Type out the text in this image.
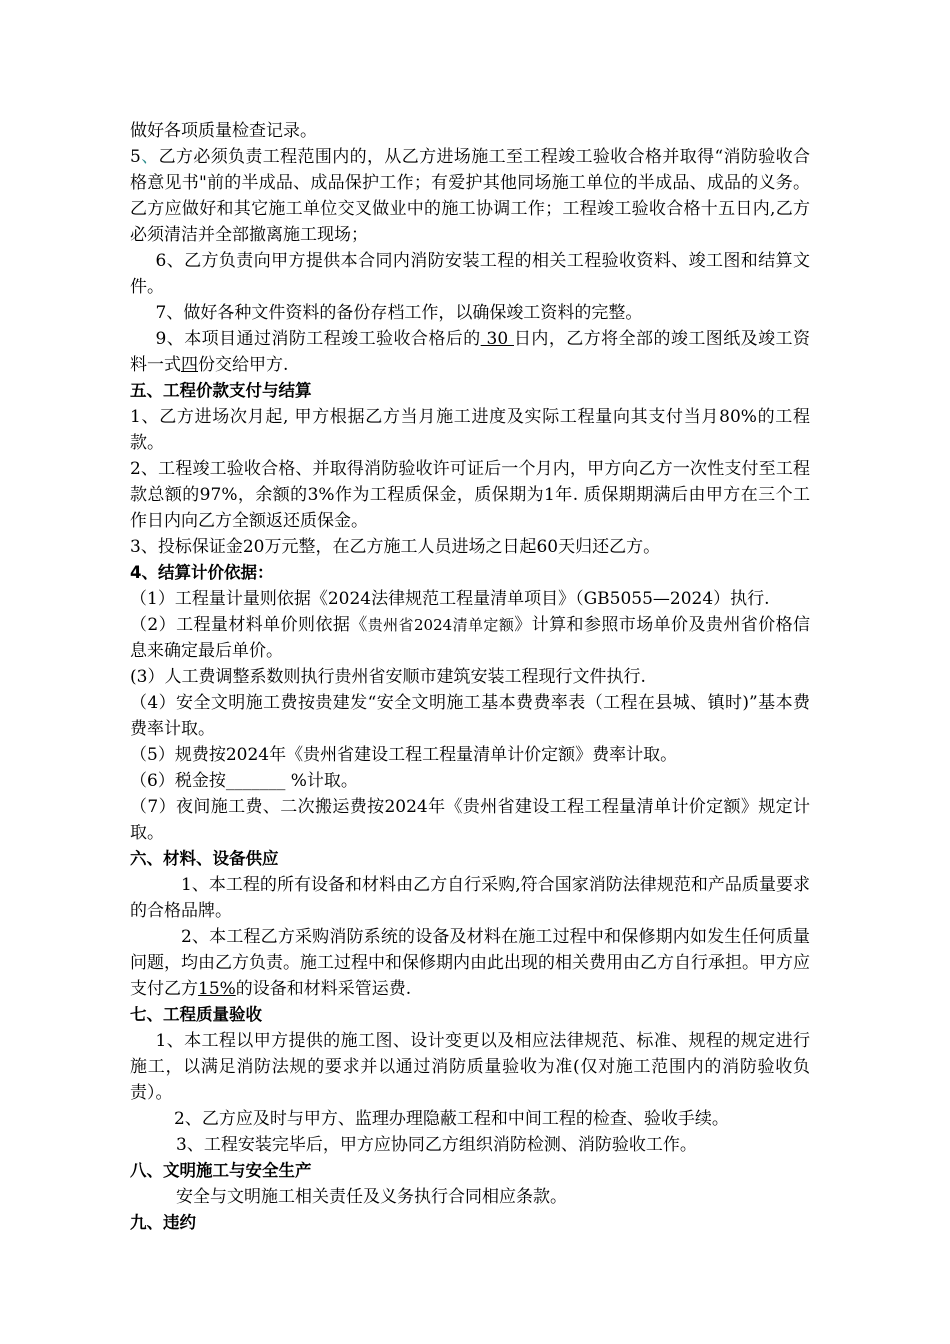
做好各项质量检查记录。

5、乙方必须负责工程范围内的，从乙方进场施工至工程竣工验收合格并取得“消防验收合格意见书"前的半成品、成品保护工作；有爱护其他同场施工单位的半成品、成品的义务。乙方应做好和其它施工单位交叉做业中的施工协调工作；工程竣工验收合格十五日内,乙方必须清洁并全部撤离施工现场；

6、乙方负责向甲方提供本合同内消防安装工程的相关工程验收资料、竣工图和结算文件。

7、做好各种文件资料的备份存档工作，以确保竣工资料的完整。

9、本项目通过消防工程竣工验收合格后的 30 日内，乙方将全部的竣工图纸及竣工资料一式四份交给甲方.

五、工程价款支付与结算

1、乙方进场次月起, 甲方根据乙方当月施工进度及实际工程量向其支付当月80%的工程款。

2、工程竣工验收合格、并取得消防验收许可证后一个月内，甲方向乙方一次性支付至工程款总额的97%，余额的3%作为工程质保金，质保期为1年. 质保期期满后由甲方在三个工作日内向乙方全额返还质保金。

3、投标保证金20万元整，在乙方施工人员进场之日起60天归还乙方。

4、结算计价依据：

（1）工程量计量则依据《2024法律规范工程量清单项目》（GB5055—2024）执行.

（2）工程量材料单价则依据《贵州省2024清单定额》计算和参照市场单价及贵州省价格信息来确定最后单价。

(3）人工费调整系数则执行贵州省安顺市建筑安装工程现行文件执行.

（4）安全文明施工费按贵建发“安全文明施工基本费费率表（工程在县城、镇时)”基本费费率计取。

（5）规费按2024年《贵州省建设工程工程量清单计价定额》费率计取。

（6）税金按_______ %计取。

（7）夜间施工费、二次搬运费按2024年《贵州省建设工程工程量清单计价定额》规定计取。

六、材料、设备供应

1、本工程的所有设备和材料由乙方自行采购,符合国家消防法律规范和产品质量要求的合格品牌。

2、本工程乙方采购消防系统的设备及材料在施工过程中和保修期内如发生任何质量问题，均由乙方负责。施工过程中和保修期内由此出现的相关费用由乙方自行承担。甲方应支付乙方15%的设备和材料采管运费.

七、工程质量验收

1、本工程以甲方提供的施工图、设计变更以及相应法律规范、标准、规程的规定进行施工，以满足消防法规的要求并以通过消防质量验收为准(仅对施工范围内的消防验收负责）。

2、乙方应及时与甲方、监理办理隐蔽工程和中间工程的检查、验收手续。

3、工程安装完毕后，甲方应协同乙方组织消防检测、消防验收工作。

八、文明施工与安全生产

安全与文明施工相关责任及义务执行合同相应条款。

九、违约
